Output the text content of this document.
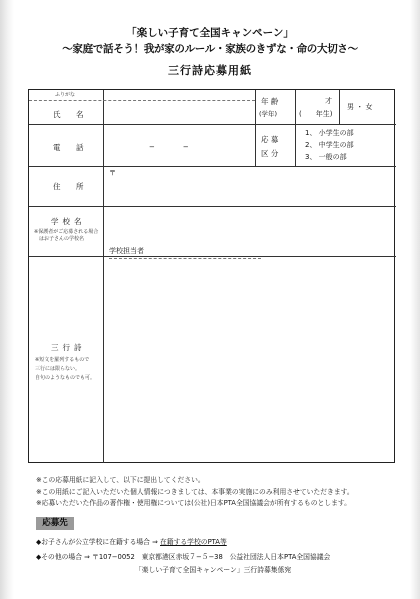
「楽しい子育て全国キャンペーン」
〜家庭で話そう！我が家のルール・家族のきずな・命の大切さ〜
三行詩応募用紙
ふりがな
氏　名
年 齢
(学年)
才
(　　年生)
男 ・ 女
電　話	−　　　　−
応 募
区 分
1、 小学生の部
2、 中学生の部
3、 一般の部
住　所
〒
学校名
※保護者がご応募される場合
はお子さんの学校名
学校担当者
三行詩
※短文を羅列するもので
三行には限らない。
自句のようなものでも可。
※この応募用紙に記入して、以下に提出してください。
※この用紙にご記入いただいた個人情報につきましては、本事業の実施にのみ利用させていただきます。
※応募いただいた作品の著作権・使用権については(公社)日本PTA全国協議会が所有するものとします。
応募先
◆お子さんが公立学校に在籍する場合 ⇒ 在籍する学校のPTA等
◆その他の場合 ⇒ 〒107−0052　東京都港区赤坂７−５−38　公益社団法人日本PTA全国協議会
「楽しい子育て全国キャンペーン」三行詩募集係宛
